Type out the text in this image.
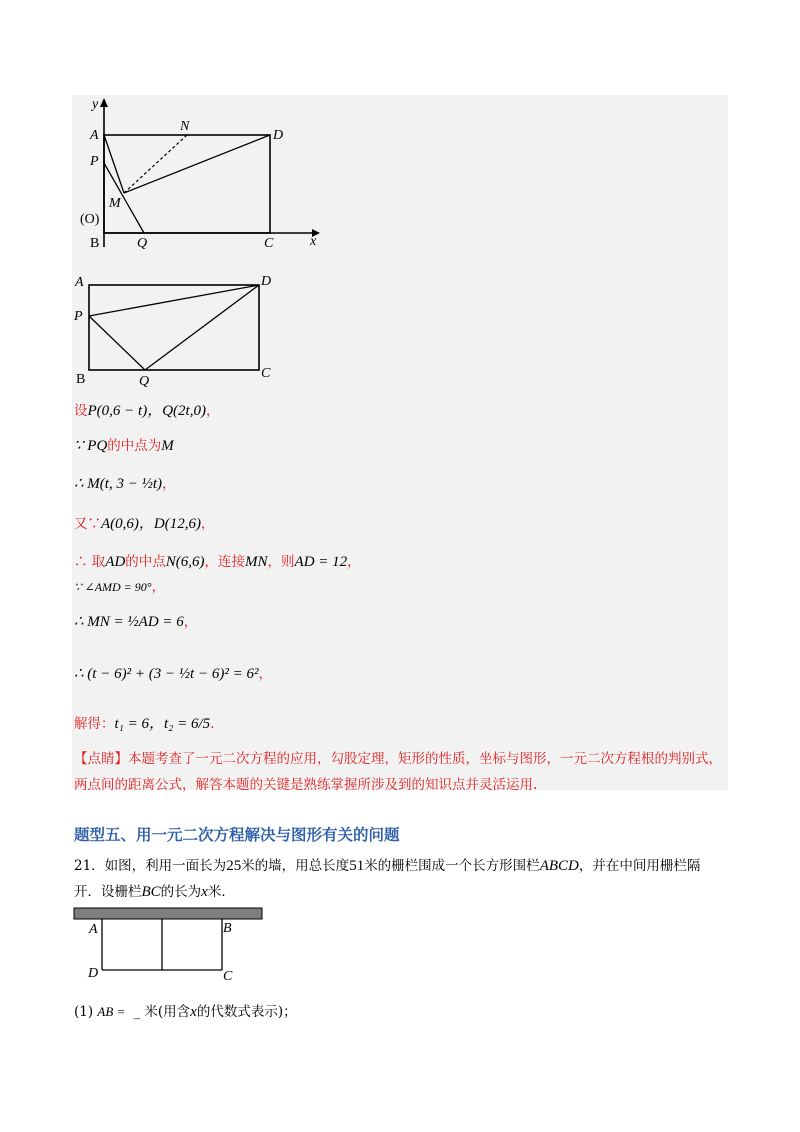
y
x
A
N
D
P
M
(O)
B	Q	C
A	D
P
B	Q
C
设P(0,6 − t)，Q(2t,0)，
∵ PQ的中点为M
∴ M(t, 3 − ½t)，
又∵A(0,6)，D(12,6)，
∴ 取AD的中点N(6,6)，连接MN，则AD = 12，
∵ ∠AMD = 90°，
∴ MN = ½AD = 6，
∴ (t − 6)² + (3 − ½t − 6)² = 6²，
解得：t₁ = 6，t₂ = 6/5.
【点睛】本题考查了一元二次方程的应用，勾股定理，矩形的性质，坐标与图形，一元二次方程根的判别式，两点间的距离公式，解答本题的关键是熟练掌握所涉及到的知识点并灵活运用.
题型五、用一元二次方程解决与图形有关的问题
21．如图，利用一面长为25米的墙，用总长度51米的栅栏围成一个长方形围栏ABCD，并在中间用栅栏隔开．设栅栏BC的长为x米．
A	B
D	C
(1) AB = _ 米(用含x的代数式表示)；
